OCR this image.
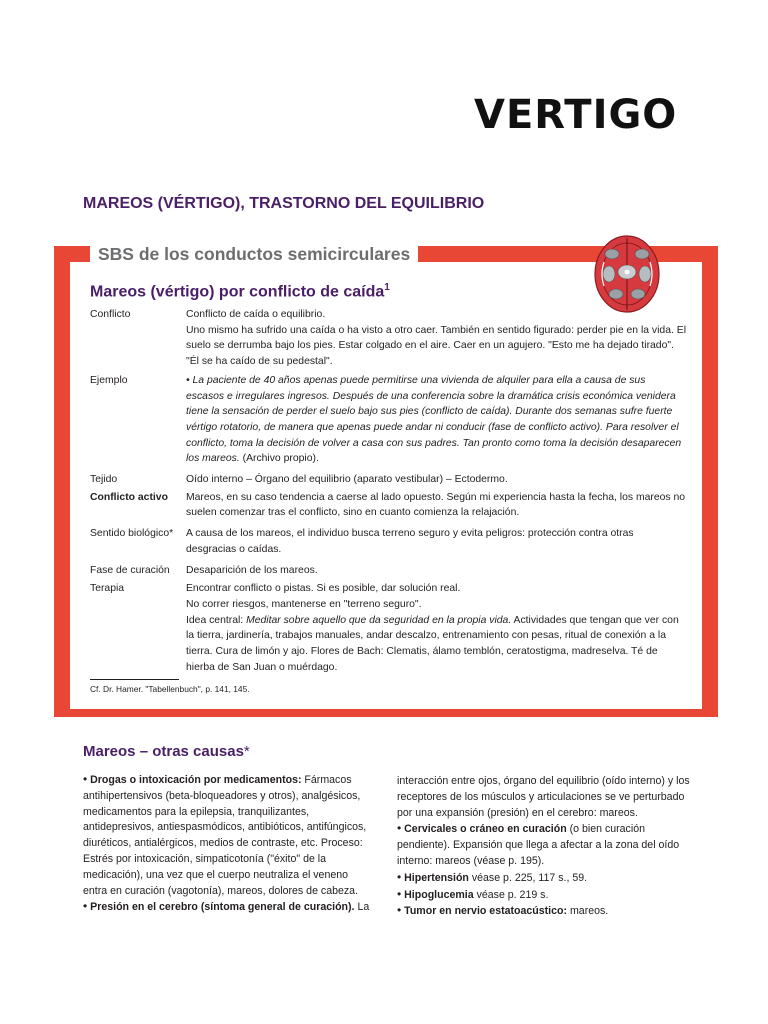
VERTIGO
MAREOS (VÉRTIGO), TRASTORNO DEL EQUILIBRIO
SBS de los conductos semicirculares
Mareos (vértigo) por conflicto de caída$^1$
Conflicto	Conflicto de caída o equilibrio.

Uno mismo ha sufrido una caída o ha visto a otro caer. También en sentido figurado: perder pie en la vida. El suelo se derrumba bajo los pies. Estar colgado en el aire. Caer en un agujero. "Esto me ha dejado tirado". "Él se ha caído de su pedestal".

Ejemplo	• La paciente de 40 años apenas puede permitirse una vivienda de alquiler para ella a causa de sus escasos e irregulares ingresos. Después de una conferencia sobre la dramática crisis económica venidera tiene la sensación de perder el suelo bajo sus pies (conflicto de caída). Durante dos semanas sufre fuerte vértigo rotatorio, de manera que apenas puede andar ni conducir (fase de conflicto activo). Para resolver el conflicto, toma la decisión de volver a casa con sus padres. Tan pronto como toma la decisión desaparecen los mareos. (Archivo propio).

Tejido	Oído interno – Órgano del equilibrio (aparato vestibular) – Ectodermo.
Conflicto activo	Mareos, en su caso tendencia a caerse al lado opuesto. Según mi experiencia hasta la fecha, los mareos no suelen comenzar tras el conflicto, sino en cuanto comienza la relajación.
Sentido biológico*	A causa de los mareos, el individuo busca terreno seguro y evita peligros: protección contra otras desgracias o caídas.
Fase de curación	Desaparición de los mareos.
Terapia	Encontrar conflicto o pistas. Si es posible, dar solución real.

No correr riesgos, mantenerse en "terreno seguro".

Idea central: Meditar sobre aquello que da seguridad en la propia vida. Actividades que tengan que ver con la tierra, jardinería, trabajos manuales, andar descalzo, entrenamiento con pesas, ritual de conexión a la tierra. Cura de limón y ajo. Flores de Bach: Clematis, álamo temblón, ceratostigma, madreselva. Té de hierba de San Juan o muérdago.

Cf. Dr. Hamer. "Tabellenbuch", p. 141, 145.
Mareos – otras causas*

• Drogas o intoxicación por medicamentos: Fármacos antihipertensivos (beta-bloqueadores y otros), analgésicos, medicamentos para la epilepsia, tranquilizantes, antidepresivos, antiespasmódicos, antibióticos, antifúngicos, diuréticos, antialérgicos, medios de contraste, etc. Proceso: Estrés por intoxicación, simpaticotonía ("éxito" de la medicación), una vez que el cuerpo neutraliza el veneno entra en curación (vagotonía), mareos, dolores de cabeza.

• Presión en el cerebro (síntoma general de curación). La

interacción entre ojos, órgano del equilibrio (oído interno) y los receptores de los músculos y articulaciones se ve perturbado por una expansión (presión) en el cerebro: mareos.

• Cervicales o cráneo en curación (o bien curación pendiente). Expansión que llega a afectar a la zona del oído interno: mareos (véase p. 195).

• Hipertensión véase p. 225, 117 s., 59.

• Hipoglucemia véase p. 219 s.

• Tumor en nervio estatoacústico: mareos.
